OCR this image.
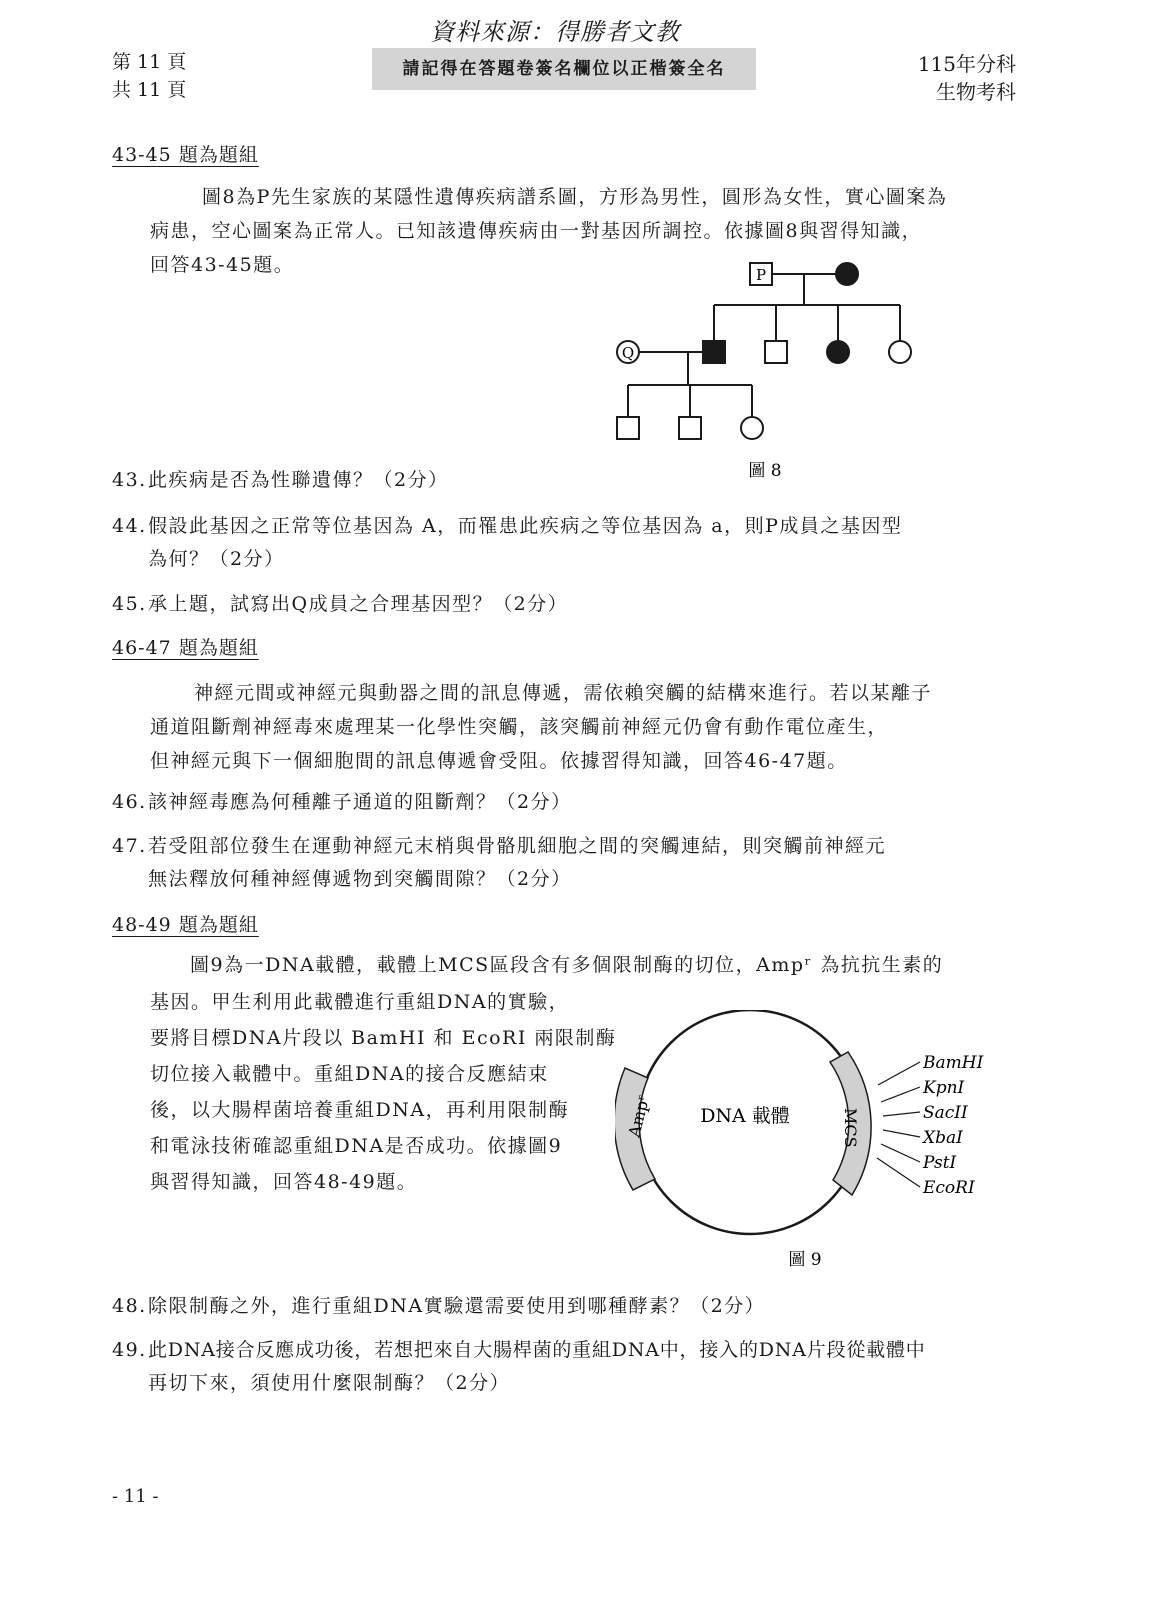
資料來源：得勝者文教
第 11 頁
共 11 頁
請記得在答題卷簽名欄位以正楷簽全名	115年分科
生物考科
43-45 題為題組
圖8為P先生家族的某隱性遺傳疾病譜系圖，方形為男性，圓形為女性，實心圖案為
病患，空心圖案為正常人。已知該遺傳疾病由一對基因所調控。依據圖8與習得知識，
回答43-45題。	P
Q
圖 8
43. 此疾病是否為性聯遺傳？（2分）
44. 假設此基因之正常等位基因為 A，而罹患此疾病之等位基因為 a，則P成員之基因型
為何？（2分）
45. 承上題，試寫出Q成員之合理基因型？（2分）
46-47 題為題組
神經元間或神經元與動器之間的訊息傳遞，需依賴突觸的結構來進行。若以某離子
通道阻斷劑神經毒來處理某一化學性突觸，該突觸前神經元仍會有動作電位產生，
但神經元與下一個細胞間的訊息傳遞會受阻。依據習得知識，回答46-47題。
46. 該神經毒應為何種離子通道的阻斷劑？（2分）
47. 若受阻部位發生在運動神經元末梢與骨骼肌細胞之間的突觸連結，則突觸前神經元
無法釋放何種神經傳遞物到突觸間隙？（2分）
48-49 題為題組
圖9為一DNA載體，載體上MCS區段含有多個限制酶的切位，Ampʳ 為抗抗生素的
基因。甲生利用此載體進行重組DNA的實驗，
要將目標DNA片段以 BamHI 和 EcoRI 兩限制酶
切位接入載體中。重組DNA的接合反應結束
後，以大腸桿菌培養重組DNA，再利用限制酶
和電泳技術確認重組DNA是否成功。依據圖9
與習得知識，回答48-49題。
Ampʳ	MCS
DNA 載體
BamHI
KpnI
SacII
XbaI
PstI
EcoRI
圖 9
48. 除限制酶之外，進行重組DNA實驗還需要使用到哪種酵素？（2分）
49. 此DNA接合反應成功後，若想把來自大腸桿菌的重組DNA中，接入的DNA片段從載體中
再切下來，須使用什麼限制酶？（2分）
- 11 -
